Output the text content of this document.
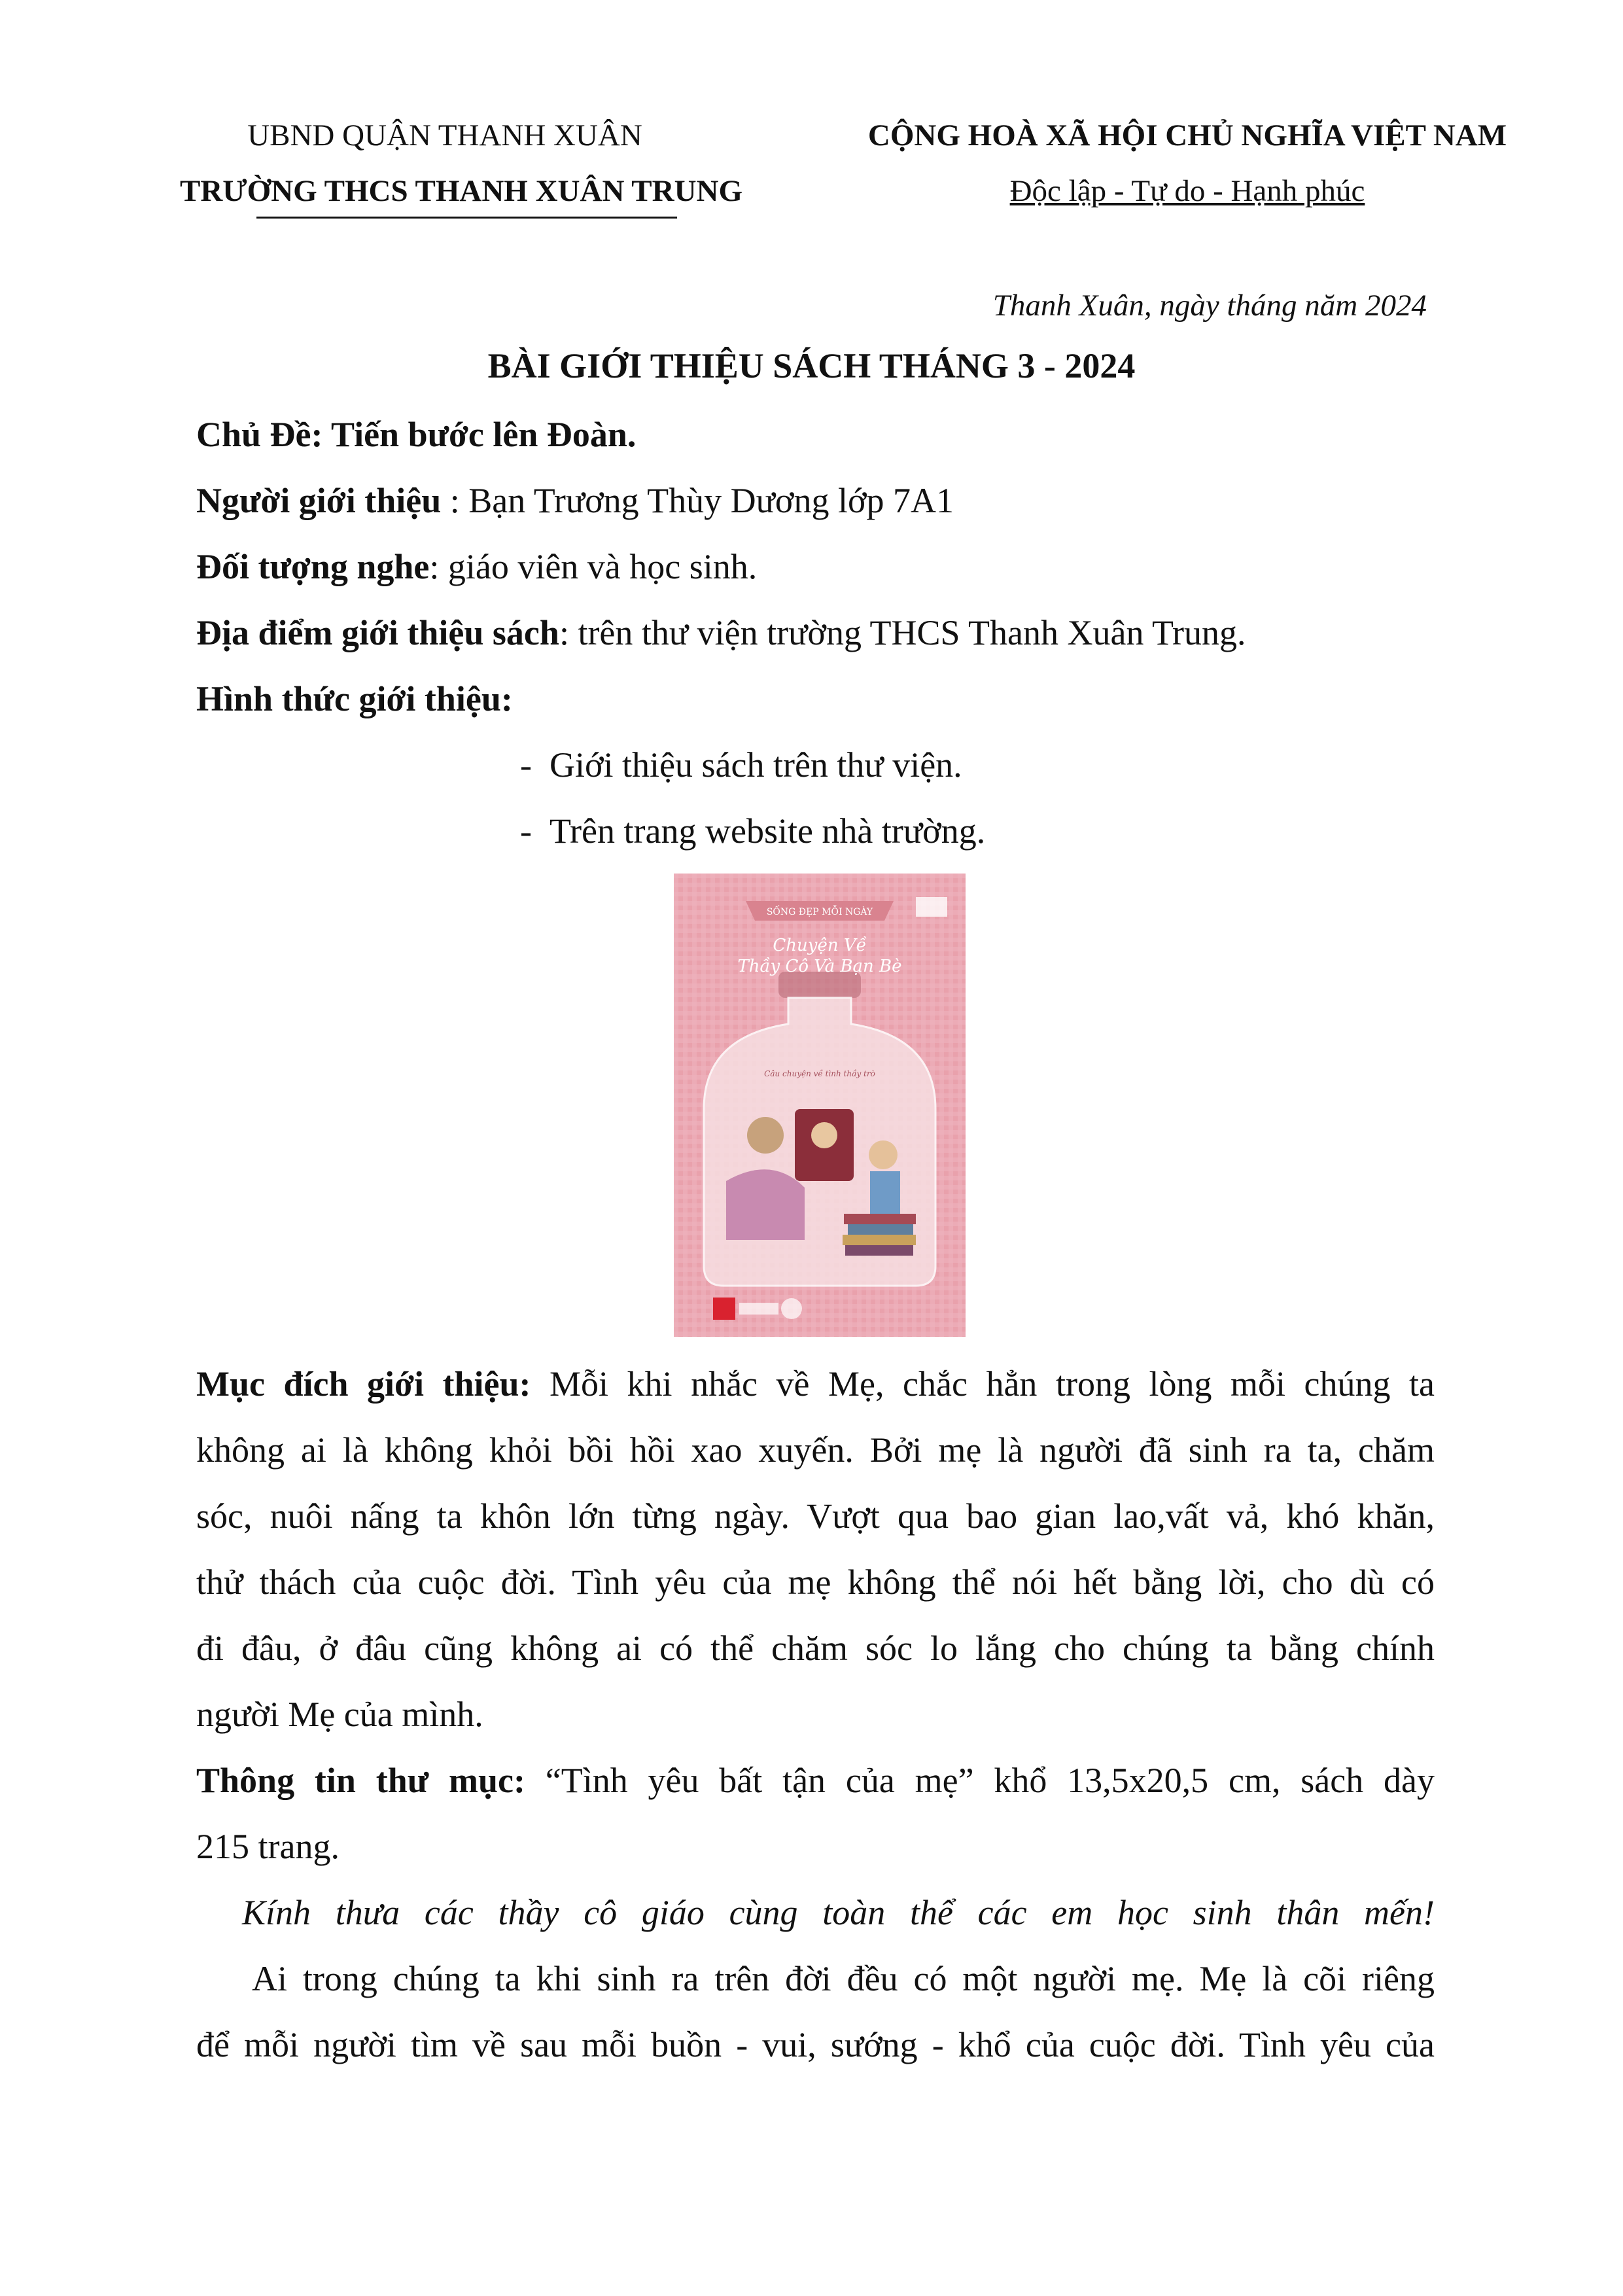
UBND QUẬN THANH XUÂN
TRƯỜNG THCS THANH XUÂN TRUNG
CỘNG HOÀ XÃ HỘI CHỦ NGHĨA VIỆT NAM
Độc lập - Tự do - Hạnh phúc
Thanh Xuân, ngày tháng năm 2024
BÀI GIỚI THIỆU SÁCH THÁNG 3 - 2024
Chủ Đề: Tiến bước lên Đoàn.
Người giới thiệu : Bạn Trương Thùy Dương lớp 7A1
Đối tượng nghe: giáo viên và học sinh.
Địa điểm giới thiệu sách: trên thư viện trường THCS Thanh Xuân Trung.
Hình thức giới thiệu:
-  Giới thiệu sách trên thư viện.
-  Trên trang website nhà trường.
SỐNG ĐẸP MỖI NGÀY
Chuyện Về
Thầy Cô Và Bạn Bè
Câu chuyện về tình thầy trò
Mục đích giới thiệu: Mỗi khi nhắc về Mẹ, chắc hẳn trong lòng mỗi chúng ta
không ai là không khỏi bồi hồi xao xuyến. Bởi mẹ là người đã sinh ra ta, chăm
sóc, nuôi nấng ta khôn lớn từng ngày. Vượt qua bao gian lao,vất vả, khó khăn,
thử thách của cuộc đời. Tình yêu của mẹ không thể nói hết bằng lời, cho dù có
đi đâu, ở đâu cũng không ai có thể chăm sóc lo lắng cho chúng ta bằng chính
người Mẹ của mình.
Thông tin thư mục: “Tình yêu bất tận của mẹ” khổ 13,5x20,5 cm, sách dày
215 trang.
Kính thưa các thầy cô giáo cùng toàn thể các em học sinh thân mến!
Ai trong chúng ta khi sinh ra trên đời đều có một người mẹ. Mẹ là cõi riêng
để mỗi người tìm về sau mỗi buồn - vui, sướng - khổ của cuộc đời. Tình yêu của
